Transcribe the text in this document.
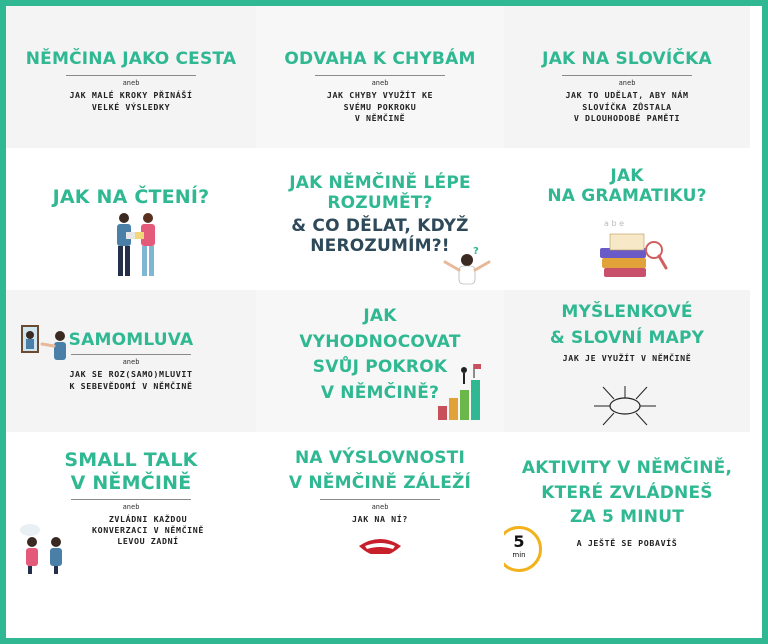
NĚMČINA JAKO CESTA
aneb
JAK MALÉ KROKY PŘINÁŠÍ
VELKÉ VÝSLEDKY
ODVAHA K CHYBÁM
aneb
JAK CHYBY VYUŽÍT KE
SVÉMU POKROKU
V NĚMČINĚ
JAK NA SLOVÍČKA
aneb
JAK TO UDĚLAT, ABY NÁM
SLOVÍČKA ZŮSTALA
V DLOUHODOBÉ PAMĚTI
JAK NA ČTENÍ?
JAK NĚMČINĚ LÉPE
ROZUMĚT?
& CO DĚLAT, KDYŽ
NEROZUMÍM?!	?
JAK
NA GRAMATIKU?
a b e
SAMOMLUVA
aneb
JAK SE ROZ(SAMO)MLUVIT
K SEBEVĚDOMÍ V NĚMČINĚ
JAK
VYHODNOCOVAT
SVŮJ POKROK
V NĚMČINĚ?
MYŠLENKOVÉ
& SLOVNÍ MAPY
JAK JE VYUŽÍT V NĚMČINĚ
SMALL TALK
V NĚMČINĚ
aneb
ZVLÁDNI KAŽDOU
KONVERZACI V NĚMČINĚ
LEVOU ZADNÍ
NA VÝSLOVNOSTI
V NĚMČINĚ ZÁLEŽÍ
aneb
JAK NA NÍ?
AKTIVITY V NĚMČINĚ,
KTERÉ ZVLÁDNEŠ
ZA 5 MINUT
A JEŠTĚ SE POBAVÍŠ
5
min
